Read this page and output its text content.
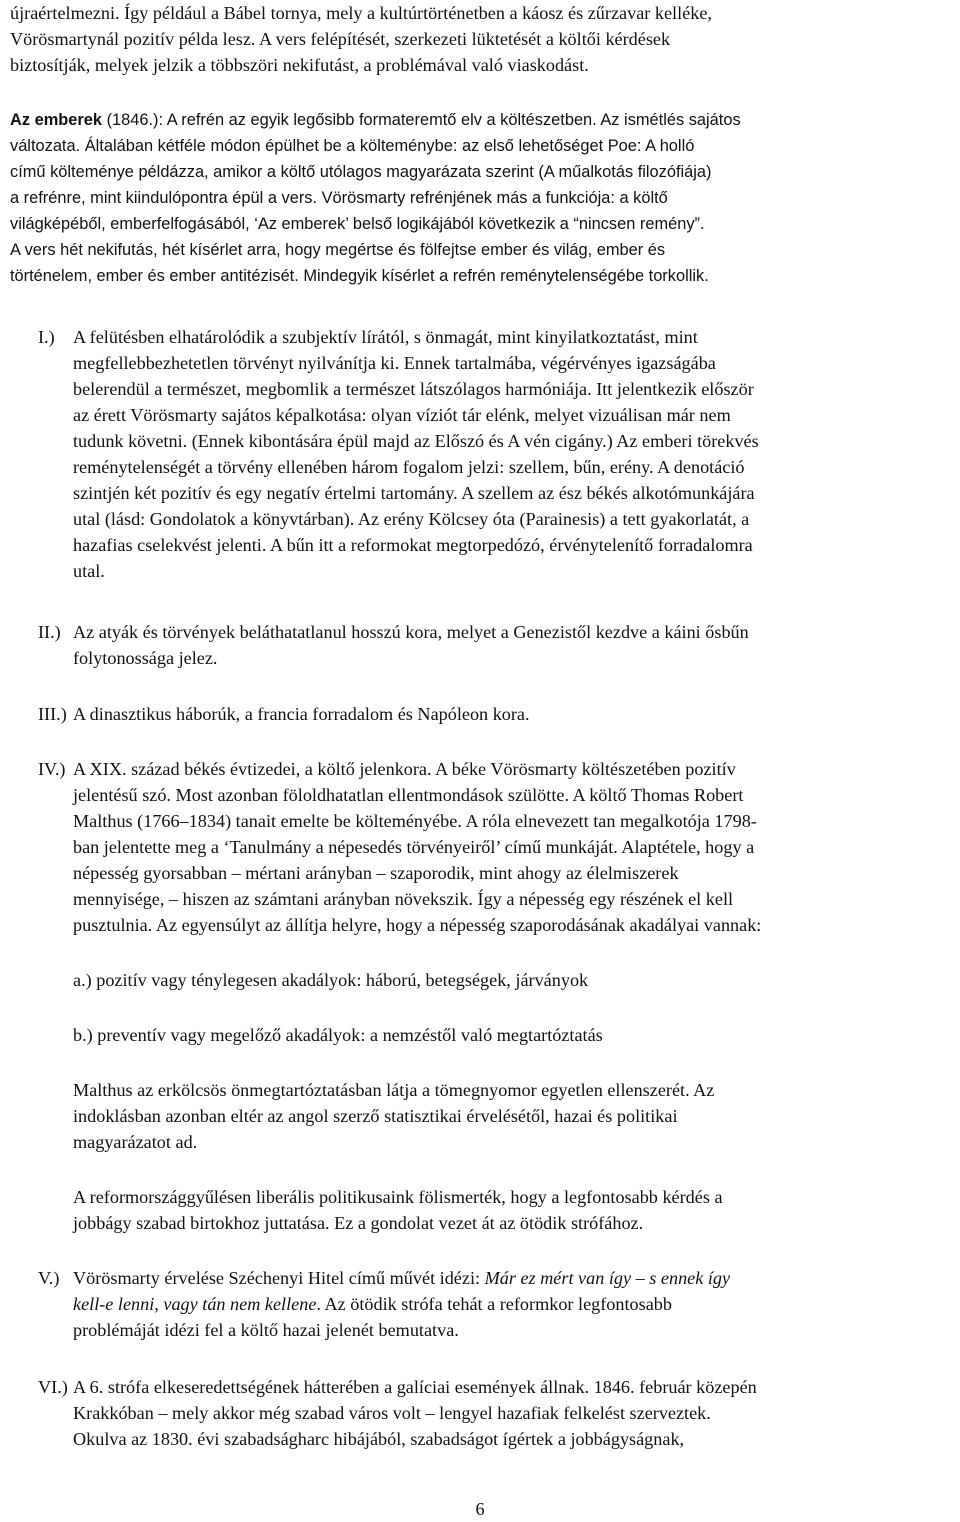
újraértelmezni. Így például a Bábel tornya, mely a kultúrtörténetben a káosz és zűrzavar kelléke,

Vörösmartynál pozitív példa lesz. A vers felépítését, szerkezeti lüktetését a költői kérdések

biztosítják, melyek jelzik a többszöri nekifutást, a problémával való viaskodást.

Az emberek (1846.): A refrén az egyik legősibb formateremtő elv a költészetben. Az ismétlés sajátos

változata. Általában kétféle módon épülhet be a költeménybe: az első lehetőséget Poe: A holló

című költeménye példázza, amikor a költő utólagos magyarázata szerint (A műalkotás filozófiája)

a refrénre, mint kiindulópontra épül a vers. Vörösmarty refrénjének más a funkciója: a költő

világképéből, emberfelfogásából, ‘Az emberek’ belső logikájából következik a “nincsen remény”.

A vers hét nekifutás, hét kísérlet arra, hogy megértse és fölfejtse ember és világ, ember és

történelem, ember és ember antitézisét. Mindegyik kísérlet a refrén reménytelenségébe torkollik.

I.) A felütésben elhatárolódik a szubjektív lírától, s önmagát, mint kinyilatkoztatást, mint

megfellebbezhetetlen törvényt nyilvánítja ki. Ennek tartalmába, végérvényes igazságába

belerendül a természet, megbomlik a természet látszólagos harmóniája. Itt jelentkezik először

az érett Vörösmarty sajátos képalkotása: olyan víziót tár elénk, melyet vizuálisan már nem

tudunk követni. (Ennek kibontására épül majd az Előszó és A vén cigány.) Az emberi törekvés

reménytelenségét a törvény ellenében három fogalom jelzi: szellem, bűn, erény. A denotáció

szintjén két pozitív és egy negatív értelmi tartomány. A szellem az ész békés alkotómunkájára

utal (lásd: Gondolatok a könyvtárban). Az erény Kölcsey óta (Parainesis) a tett gyakorlatát, a

hazafias cselekvést jelenti. A bűn itt a reformokat megtorpedózó, érvénytelenítő forradalomra

utal.

II.) Az atyák és törvények beláthatatlanul hosszú kora, melyet a Genezistől kezdve a káini ősbűn

folytonossága jelez.

III.) A dinasztikus háborúk, a francia forradalom és Napóleon kora.

IV.) A XIX. század békés évtizedei, a költő jelenkora. A béke Vörösmarty költészetében pozitív

jelentésű szó. Most azonban föloldhatatlan ellentmondások szülötte. A költő Thomas Robert

Malthus (1766–1834) tanait emelte be költeményébe. A róla elnevezett tan megalkotója 1798-

ban jelentette meg a ‘Tanulmány a népesedés törvényeiről’ című munkáját. Alaptétele, hogy a

népesség gyorsabban – mértani arányban – szaporodik, mint ahogy az élelmiszerek

mennyisége, – hiszen az számtani arányban növekszik. Így a népesség egy részének el kell

pusztulnia. Az egyensúlyt az állítja helyre, hogy a népesség szaporodásának akadályai vannak:

a.) pozitív vagy ténylegesen akadályok: háború, betegségek, járványok
b.) preventív vagy megelőző akadályok: a nemzéstől való megtartóztatás

Malthus az erkölcsös önmegtartóztatásban látja a tömegnyomor egyetlen ellenszerét. Az

indoklásban azonban eltér az angol szerző statisztikai érvelésétől, hazai és politikai

magyarázatot ad.

A reformországgyűlésen liberális politikusaink fölismerték, hogy a legfontosabb kérdés a

jobbágy szabad birtokhoz juttatása. Ez a gondolat vezet át az ötödik strófához.

V.) Vörösmarty érvelése Széchenyi Hitel című művét idézi: Már ez mért van így – s ennek így

kell-e lenni, vagy tán nem kellene. Az ötödik strófa tehát a reformkor legfontosabb

problémáját idézi fel a költő hazai jelenét bemutatva.

VI.) A 6. strófa elkeseredettségének hátterében a galíciai események állnak. 1846. február közepén

Krakkóban – mely akkor még szabad város volt – lengyel hazafiak felkelést szerveztek.

Okulva az 1830. évi szabadságharc hibájából, szabadságot ígértek a jobbágyságnak,

6
